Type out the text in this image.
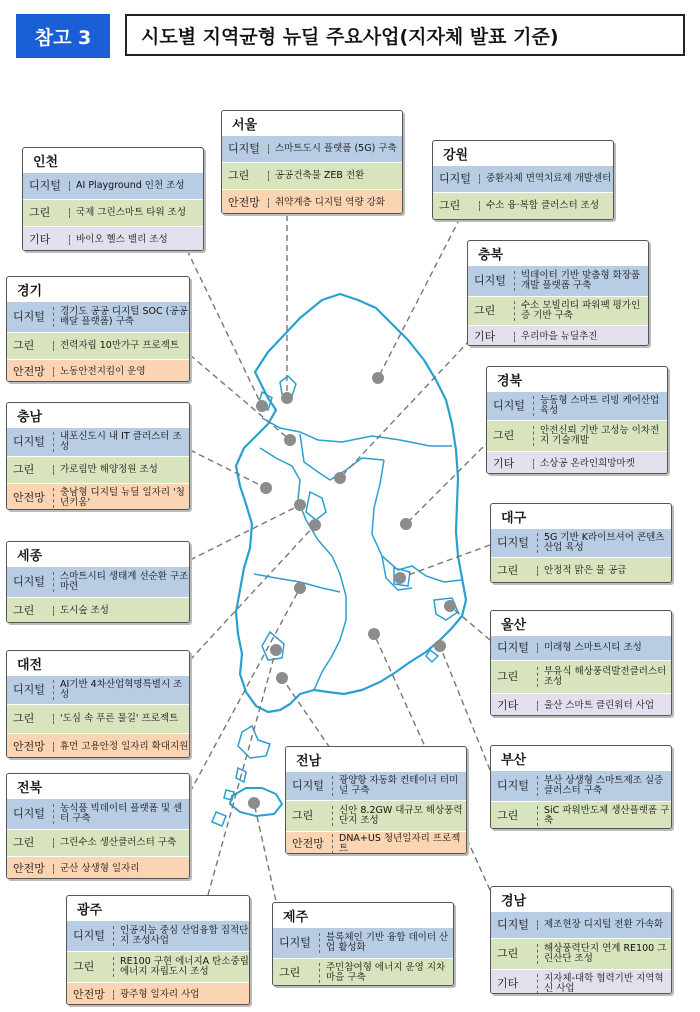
참고 3	시도별 지역균형 뉴딜 주요사업(지자체 발표 기준)
서울
디지털	스마트도시 플랫폼 (5G) 구축
그린	공공건축물 ZEB 전환
안전망	취약계층 디지털 역량 강화
인천
디지털	AI Playground 인천 조성
그린	국제 그린스마트 타워 조성
기타	바이오 헬스 밸리 조성
강원
디지털	중환자체 면역치료제 개발센터
그린	수소 융·복합 클러스터 조성
경기
디지털	경기도 공공 디지털 SOC (공공배달 플랫폼) 구축
그린	전력자립 10만가구 프로젝트
안전망	노동안전지킴이 운영
충북
디지털	빅데이터 기반 맞춤형 화장품 개발 플랫폼 구축
그린	수소 모빌리티 파워팩 평가인증 기반 구축
기타	우리마을 뉴딜추진
충남
디지털	내포신도시 내 IT 클러스터 조성
그린	가로림만 해양정원 조성
안전망	충남형 디지털 뉴딜 일자리 '청년키움'
경북
디지털	능동형 스마트 리빙 케어산업 육성
그린	안전신뢰 기반 고성능 이차전지 기술개발
기타	소상공 온라인희망마켓
세종
디지털	스마트시티 생태계 선순환 구조 마련
그린	도시숲 조성
대구
디지털	5G 기반 K라이브셔어 콘텐츠 산업 육성
그린	안정적 맑은 물 공급
대전
디지털	AI기반 4차산업혁명특별시 조성
그린	'도심 속 푸른 물길' 프로젝트
안전망	휴먼 고용안정 일자리 확대지원
울산
디지털	미래형 스마트시티 조성
그린	부유식 해상풍력발전클러스터 조성
기타	울산 스마트 클린워터 사업
전북
디지털	농식품 빅데이터 플랫폼 및 센터 구축
그린	그린수소 생산클러스터 구축
안전망	군산 상생형 일자리
전남
디지털	광양항 자동화 컨테이너 터미널 구축
그린	신안 8.2GW 대규모 해상풍력단지 조성
안전망	DNA+US 청년일자리 프로젝트
부산
디지털	부산 상생형 스마트제조 실증클러스터 구축
그린	SiC 파워반도체 생산플랫폼 구축
광주
디지털	인공지능 중심 산업융합 집적단지 조성사업
그린	RE100 구현 에너지A 탄소중립 에너지 자립도시 조성
안전망	광주형 일자리 사업
제주
디지털	블록체인 기반 융합 데이터 산업 활성화
그린	주민참여형 에너지 운영 지차마을 구축
경남
디지털	제조현장 디지털 전환 가속화
그린	해상풍력단지 연계 RE100 그린산단 조성
기타	지자체-대학 협력기반 지역혁신 사업
